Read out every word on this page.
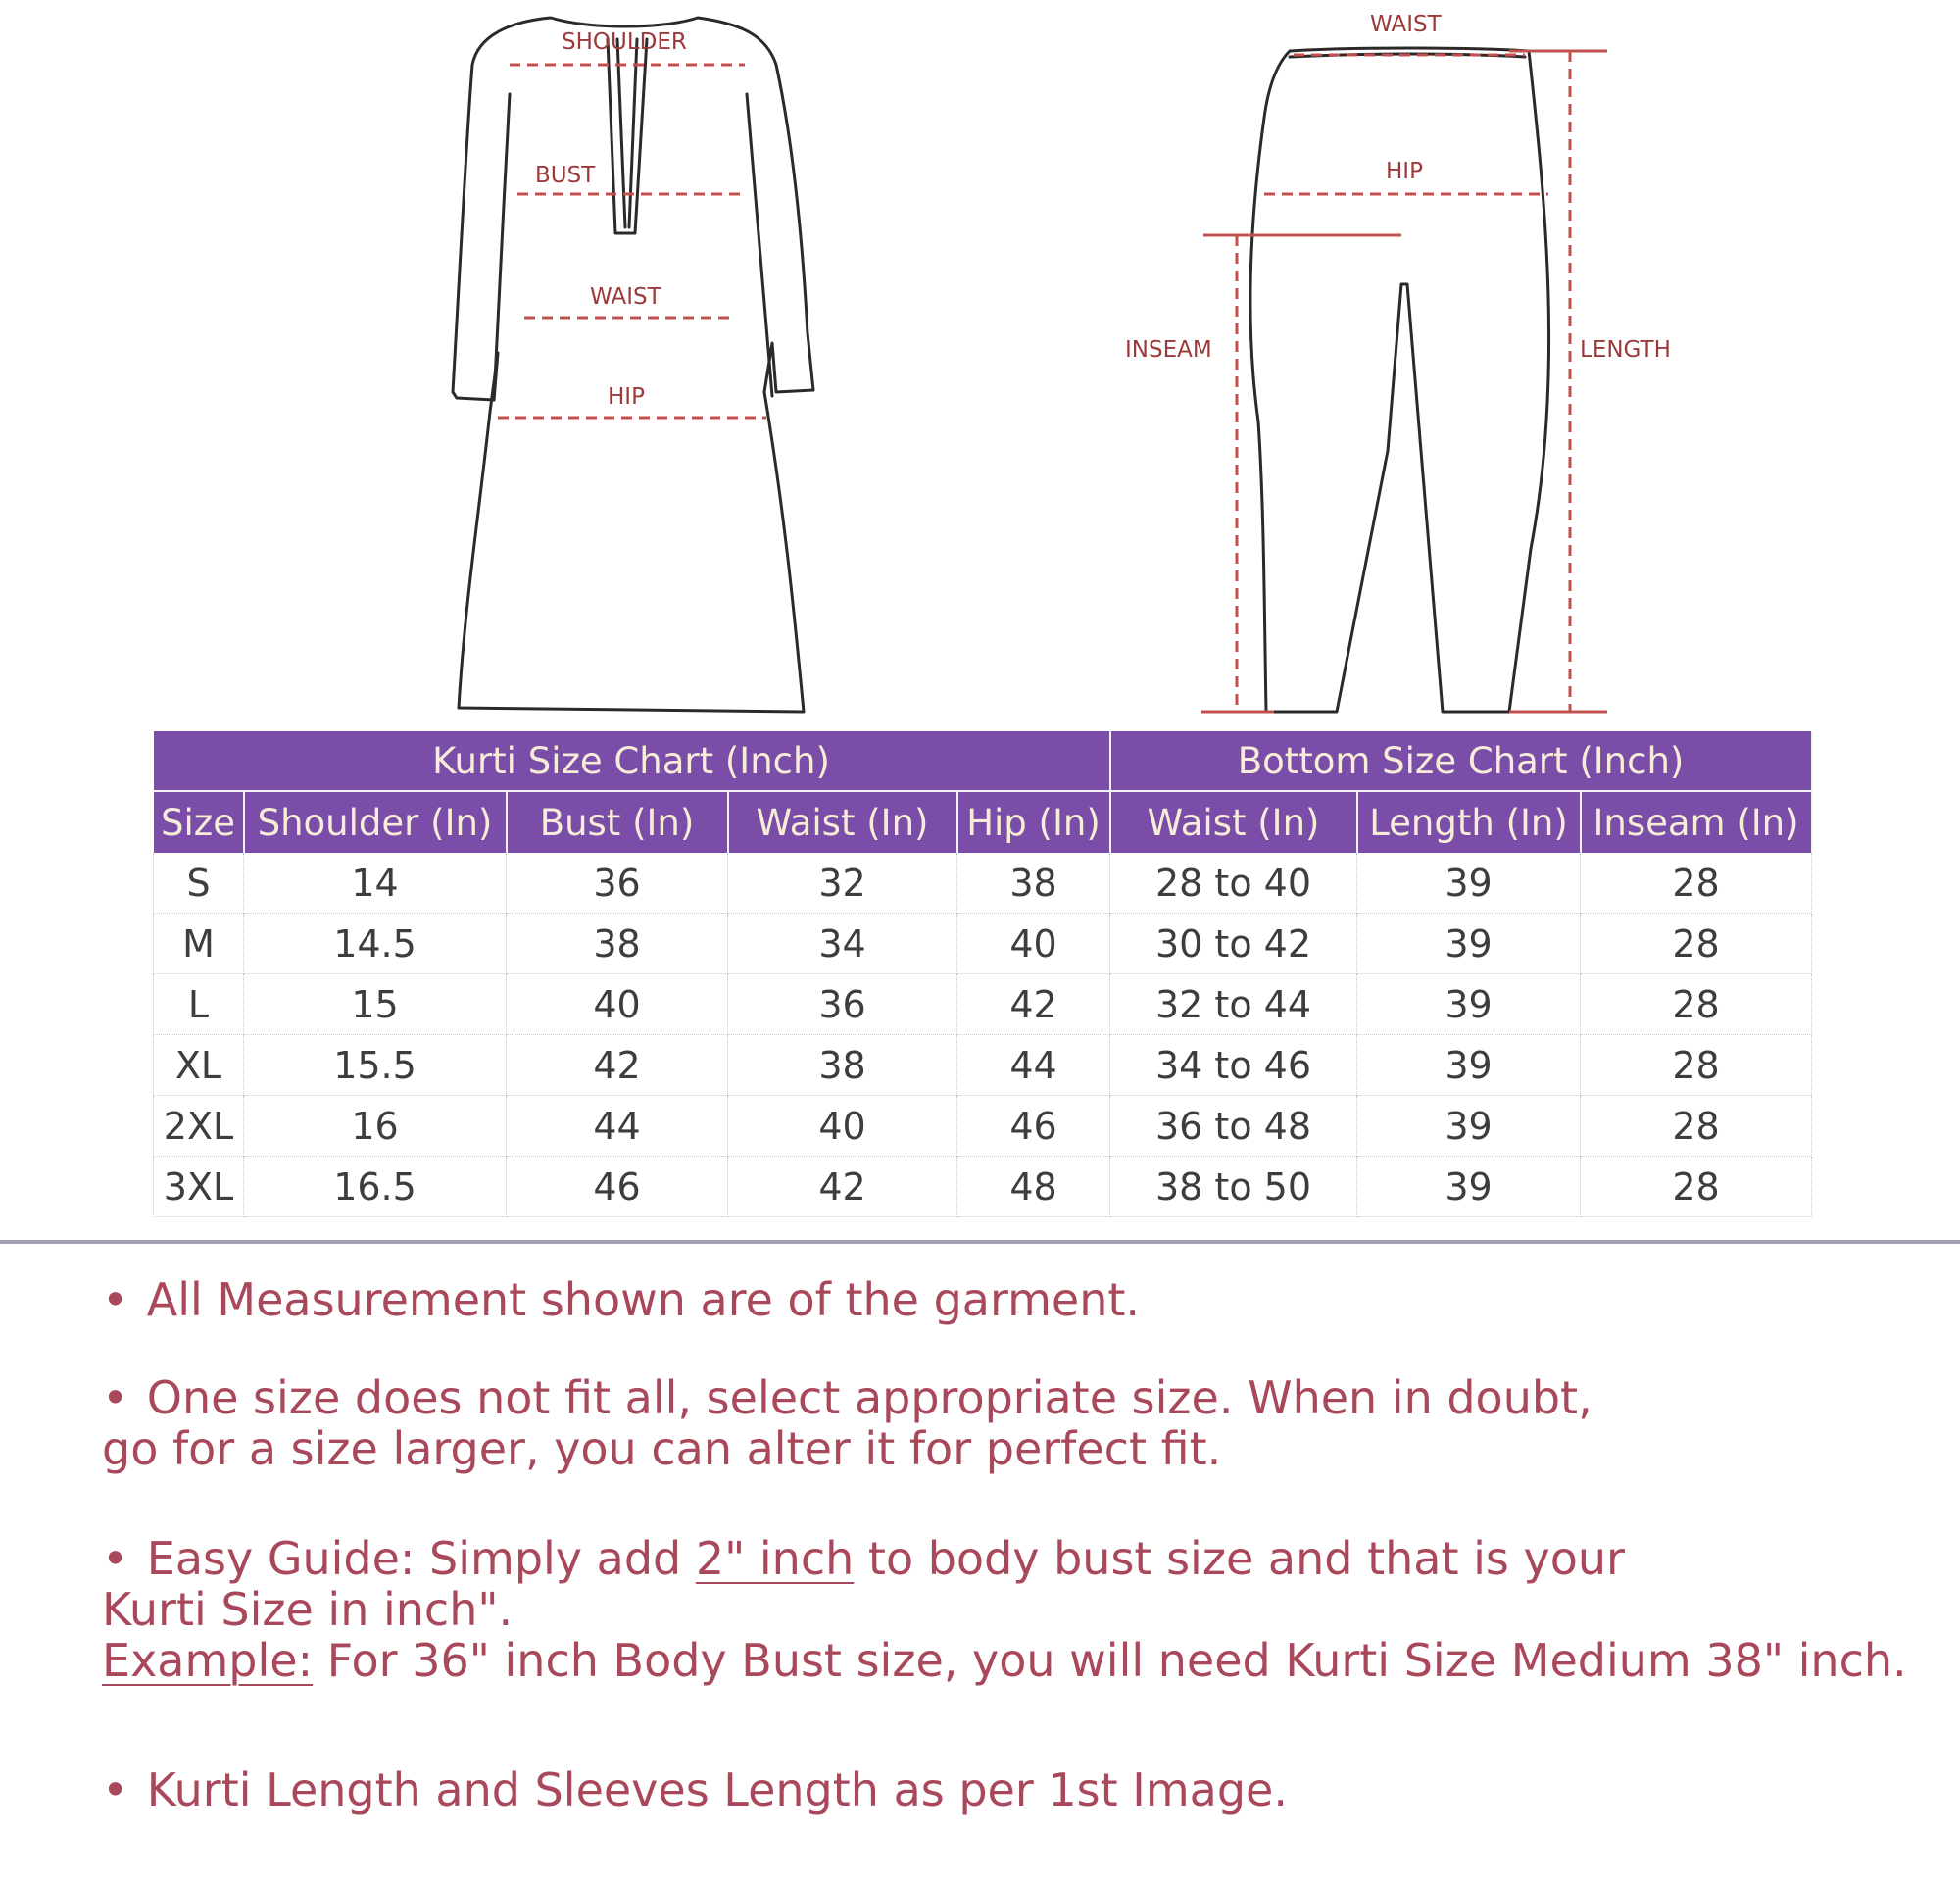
SHOULDER
BUST
WAIST
HIP
WAIST
HIP
INSEAM	LENGTH
Kurti Size Chart (Inch)					Bottom Size Chart (Inch)		
Size	Shoulder (In)	Bust (In)	Waist (In)	Hip (In)	Waist (In)	Length (In)	Inseam (In)
S	14	36	32	38	28 to 40	39	28
M	14.5	38	34	40	30 to 42	39	28
L	15	40	36	42	32 to 44	39	28
XL	15.5	42	38	44	34 to 46	39	28
2XL	16	44	40	46	36 to 48	39	28
3XL	16.5	46	42	48	38 to 50	39	28

• All Measurement shown are of the garment.

• One size does not fit all, select appropriate size. When in doubt,
go for a size larger, you can alter it for perfect fit.

• Easy Guide: Simply add 2" inch to body bust size and that is your
Kurti Size in inch".
Example: For 36" inch Body Bust size, you will need Kurti Size Medium 38" inch.

• Kurti Length and Sleeves Length as per 1st Image.
